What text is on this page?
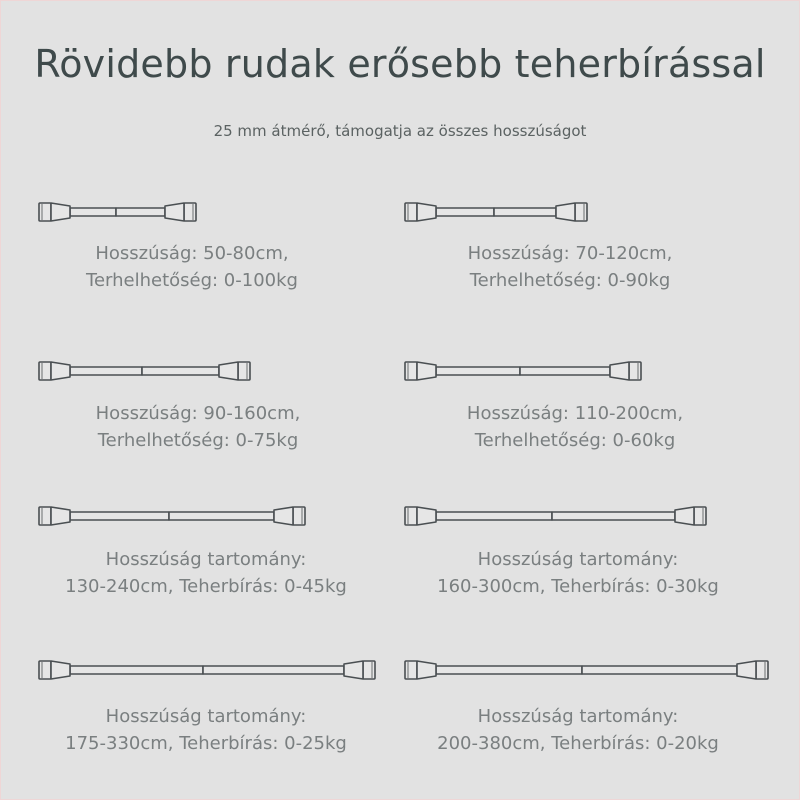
Rövidebb rudak erősebb teherbírással
25 mm átmérő, támogatja az összes hosszúságot
Hosszúság: 50-80cm,
Terhelhetőség: 0-100kg
Hosszúság: 70-120cm,
Terhelhetőség: 0-90kg
Hosszúság: 90-160cm,
Terhelhetőség: 0-75kg
Hosszúság: 110-200cm,
Terhelhetőség: 0-60kg
Hosszúság tartomány:
130-240cm, Teherbírás: 0-45kg
Hosszúság tartomány:
160-300cm, Teherbírás: 0-30kg
Hosszúság tartomány:
175-330cm, Teherbírás: 0-25kg
Hosszúság tartomány:
200-380cm, Teherbírás: 0-20kg
